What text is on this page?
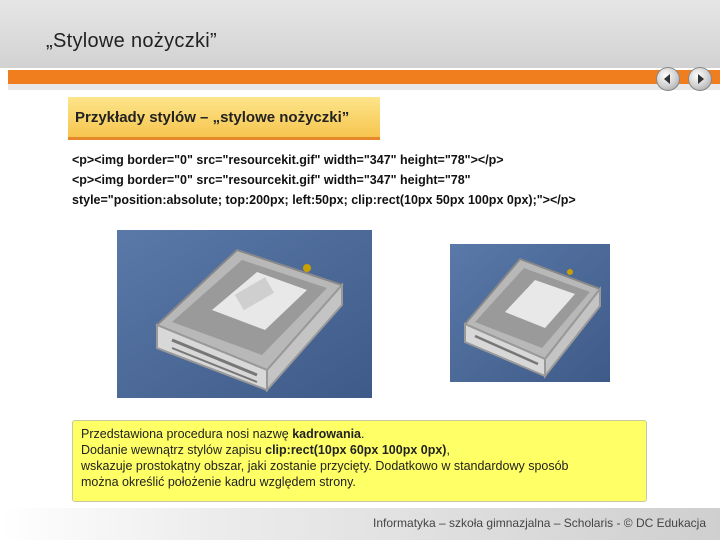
„Stylowe nożyczki”
Przykłady stylów – „stylowe nożyczki”
<p><img border="0" src="resourcekit.gif" width="347" height="78"></p>
<p><img border="0" src="resourcekit.gif" width="347" height="78"
style="position:absolute; top:200px; left:50px; clip:rect(10px 50px 100px 0px);"></p>
Przedstawiona procedura nosi nazwę kadrowania.
Dodanie wewnątrz stylów zapisu clip:rect(10px 60px 100px 0px),
wskazuje prostokątny obszar, jaki zostanie przycięty. Dodatkowo w standardowy sposób
można określić położenie kadru względem strony.
Informatyka – szkoła gimnazjalna – Scholaris - © DC Edukacja
